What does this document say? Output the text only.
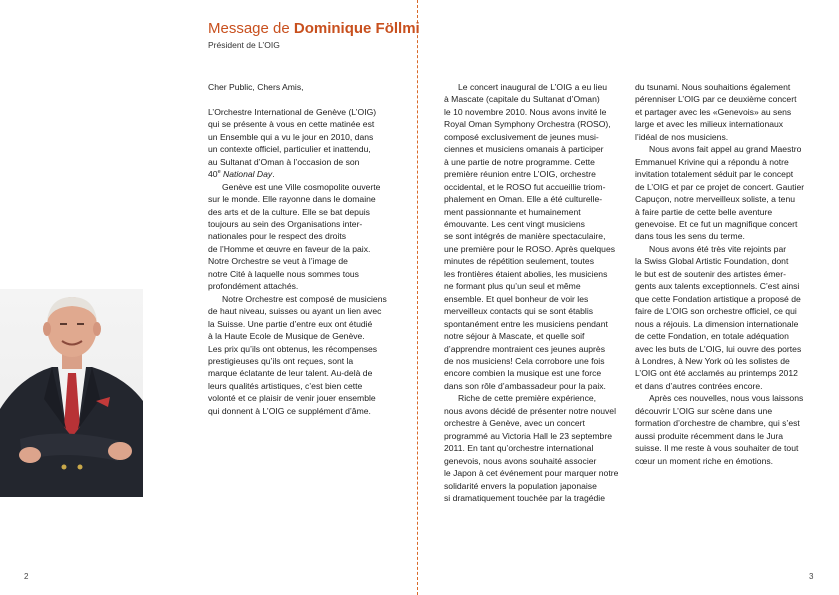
Message de Dominique Föllmi
Président de L’OIG

Cher Public, Chers Amis,

L’Orchestre International de Genève (L’OIG)

qui se présente à vous en cette matinée est

un Ensemble qui a vu le jour en 2010, dans

un contexte officiel, particulier et inattendu,

au Sultanat d’Oman à l’occasion de son

40e National Day.

Genève est une Ville cosmopolite ouverte

sur le monde. Elle rayonne dans le domaine

des arts et de la culture. Elle se bat depuis

toujours au sein des Organisations inter-

nationales pour le respect des droits

de l’Homme et œuvre en faveur de la paix.

Notre Orchestre se veut à l’image de

notre Cité à laquelle nous sommes tous

profondément attachés.

Notre Orchestre est composé de musiciens

de haut niveau, suisses ou ayant un lien avec

la Suisse. Une partie d’entre eux ont étudié

à la Haute Ecole de Musique de Genève.

Les prix qu’ils ont obtenus, les récompenses

prestigieuses qu’ils ont reçues, sont la

marque éclatante de leur talent. Au-delà de

leurs qualités artistiques, c’est bien cette

volonté et ce plaisir de venir jouer ensemble

qui donnent à L’OIG ce supplément d’âme.

Le concert inaugural de L’OIG a eu lieu

à Mascate (capitale du Sultanat d’Oman)

le 10 novembre 2010. Nous avons invité le

Royal Oman Symphony Orchestra (ROSO),

composé exclusivement de jeunes musi-

ciennes et musiciens omanais à participer

à une partie de notre programme. Cette

première réunion entre L’OIG, orchestre

occidental, et le ROSO fut accueillie triom-

phalement en Oman. Elle a été culturelle-

ment passionnante et humainement

émouvante. Les cent vingt musiciens

se sont intégrés de manière spectaculaire,

une première pour le ROSO. Après quelques

minutes de répétition seulement, toutes

les frontières étaient abolies, les musiciens

ne formant plus qu’un seul et même

ensemble. Et quel bonheur de voir les

merveilleux contacts qui se sont établis

spontanément entre les musiciens pendant

notre séjour à Mascate, et quelle soif

d’apprendre montraient ces jeunes auprès

de nos musiciens! Cela corrobore une fois

encore combien la musique est une force

dans son rôle d’ambassadeur pour la paix.

Riche de cette première expérience,

nous avons décidé de présenter notre nouvel

orchestre à Genève, avec un concert

programmé au Victoria Hall le 23 septembre

2011. En tant qu’orchestre international

genevois, nous avons souhaité associer

le Japon à cet événement pour marquer notre

solidarité envers la population japonaise

si dramatiquement touchée par la tragédie

du tsunami. Nous souhaitions également

pérenniser L’OIG par ce deuxième concert

et partager avec les «Genevois» au sens

large et avec les milieux internationaux

l’idéal de nos musiciens.

Nous avons fait appel au grand Maestro

Emmanuel Krivine qui a répondu à notre

invitation totalement séduit par le concept

de L’OIG et par ce projet de concert. Gautier

Capuçon, notre merveilleux soliste, a tenu

à faire partie de cette belle aventure

genevoise. Et ce fut un magnifique concert

dans tous les sens du terme.

Nous avons été très vite rejoints par

la Swiss Global Artistic Foundation, dont

le but est de soutenir des artistes émer-

gents aux talents exceptionnels. C’est ainsi

que cette Fondation artistique a proposé de

faire de L’OIG son orchestre officiel, ce qui

nous a réjouis. La dimension internationale

de cette Fondation, en totale adéquation

avec les buts de L’OIG, lui ouvre des portes

à Londres, à New York où les solistes de

L’OIG ont été acclamés au printemps 2012

et dans d’autres contrées encore.

Après ces nouvelles, nous vous laissons

découvrir L’OIG sur scène dans une

formation d’orchestre de chambre, qui s’est

aussi produite récemment dans le Jura

suisse. Il me reste à vous souhaiter de tout

cœur un moment riche en émotions.

2	3
